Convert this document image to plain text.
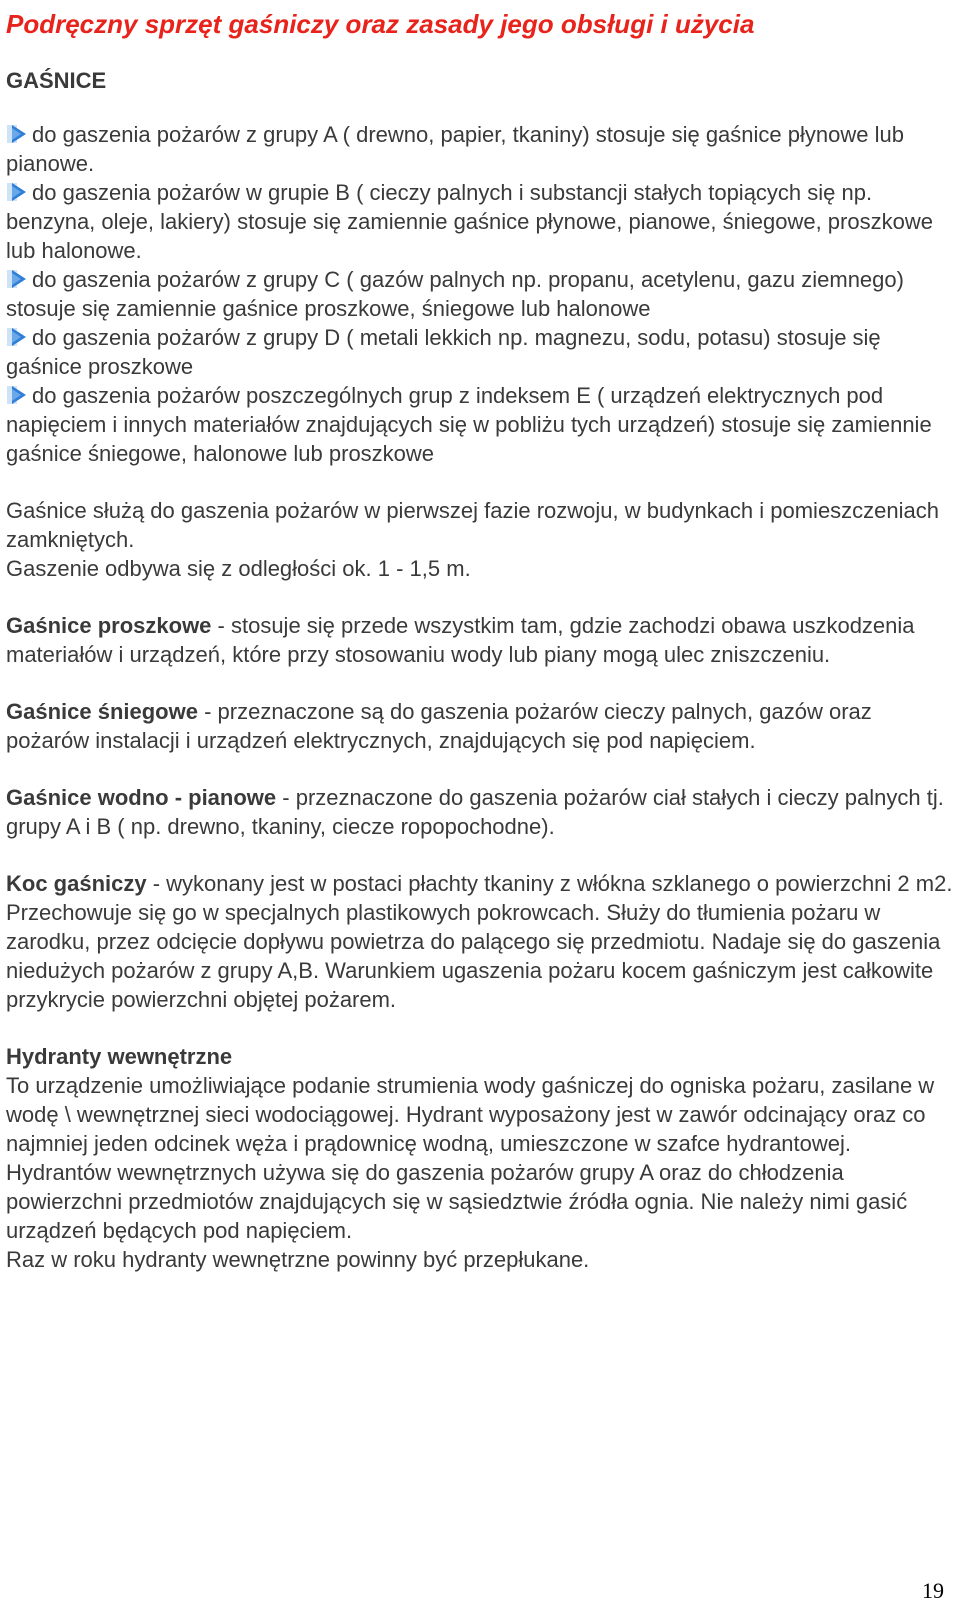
Podręczny sprzęt gaśniczy oraz zasady jego obsługi i użycia
GAŚNICE

do gaszenia pożarów z grupy A ( drewno, papier, tkaniny) stosuje się gaśnice płynowe lub pianowe.

do gaszenia pożarów w grupie B ( cieczy palnych i substancji stałych topiących się np. benzyna, oleje, lakiery) stosuje się zamiennie gaśnice płynowe, pianowe, śniegowe, proszkowe lub halonowe.

do gaszenia pożarów z grupy C ( gazów palnych np. propanu, acetylenu, gazu ziemnego) stosuje się zamiennie gaśnice proszkowe, śniegowe lub halonowe

do gaszenia pożarów z grupy D ( metali lekkich np. magnezu, sodu, potasu) stosuje się gaśnice proszkowe

do gaszenia pożarów poszczególnych grup z indeksem E ( urządzeń elektrycznych pod napięciem i innych materiałów znajdujących się w pobliżu tych urządzeń) stosuje się zamiennie gaśnice śniegowe, halonowe lub proszkowe

Gaśnice służą do gaszenia pożarów w pierwszej fazie rozwoju, w budynkach i pomieszczeniach zamkniętych.

Gaszenie odbywa się z odległości ok. 1 - 1,5 m.

Gaśnice proszkowe - stosuje się przede wszystkim tam, gdzie zachodzi obawa uszkodzenia materiałów i urządzeń, które przy stosowaniu wody lub piany mogą ulec zniszczeniu.

Gaśnice śniegowe - przeznaczone są do gaszenia pożarów cieczy palnych, gazów oraz pożarów instalacji i urządzeń elektrycznych, znajdujących się pod napięciem.

Gaśnice wodno - pianowe - przeznaczone do gaszenia pożarów ciał stałych i cieczy palnych tj. grupy A i B ( np. drewno, tkaniny, ciecze ropopochodne).

Koc gaśniczy - wykonany jest w postaci płachty tkaniny z włókna szklanego o powierzchni 2 m2. Przechowuje się go w specjalnych plastikowych pokrowcach. Służy do tłumienia pożaru w zarodku, przez odcięcie dopływu powietrza do palącego się przedmiotu. Nadaje się do gaszenia niedużych pożarów z grupy A,B. Warunkiem ugaszenia pożaru kocem gaśniczym jest całkowite przykrycie powierzchni objętej pożarem.

Hydranty wewnętrzne

To urządzenie umożliwiające podanie strumienia wody gaśniczej do ogniska pożaru, zasilane w wodę \ wewnętrznej sieci wodociągowej. Hydrant wyposażony jest w zawór odcinający oraz co najmniej jeden odcinek węża i prądownicę wodną, umieszczone w szafce hydrantowej. Hydrantów wewnętrznych używa się do gaszenia pożarów grupy A oraz do chłodzenia powierzchni przedmiotów znajdujących się w sąsiedztwie źródła ognia. Nie należy nimi gasić urządzeń będących pod napięciem.

Raz w roku hydranty wewnętrzne powinny być przepłukane.

19
